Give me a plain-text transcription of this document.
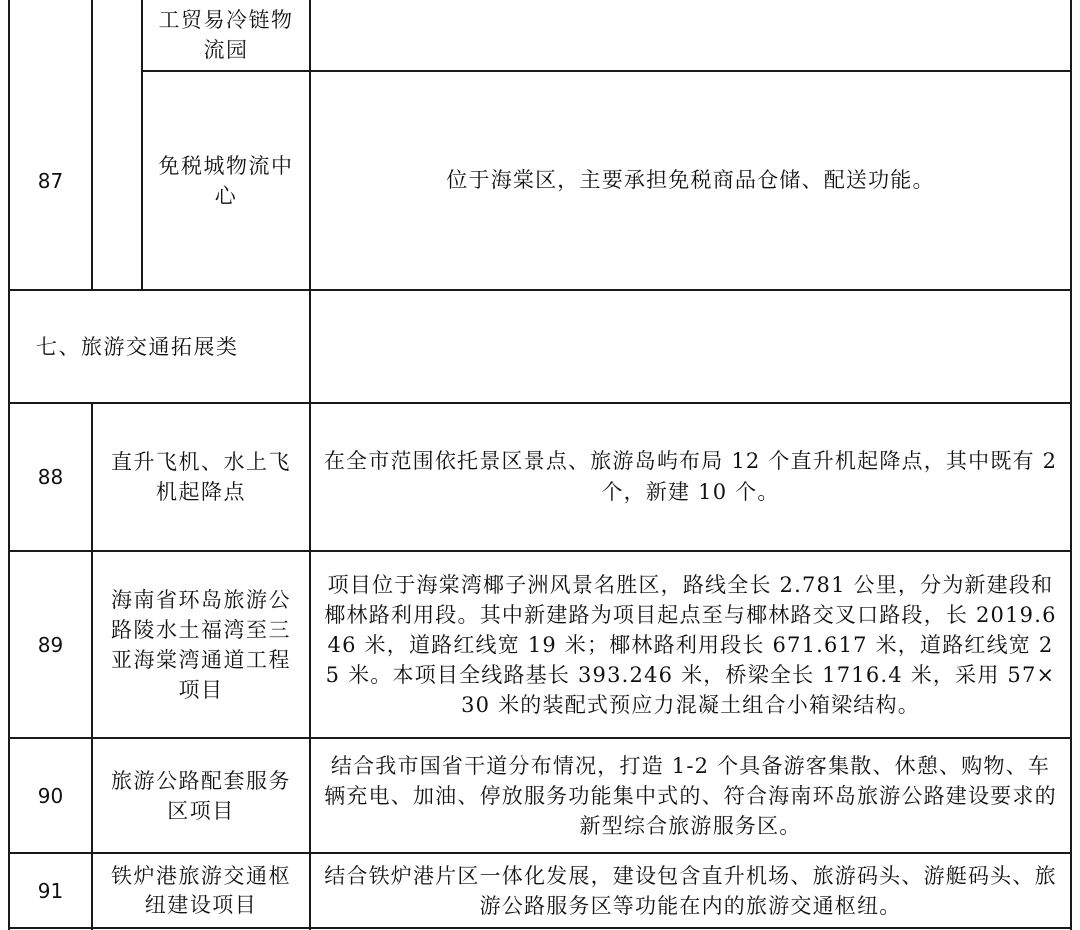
工贸易冷链物流园
87
免税城物流中心
位于海棠区，主要承担免税商品仓储、配送功能。
七、旅游交通拓展类
88
直升飞机、水上飞机起降点
在全市范围依托景区景点、旅游岛屿布局 12 个直升机起降点，其中既有 2 个，新建 10 个。
89
海南省环岛旅游公路陵水土福湾至三亚海棠湾通道工程项目
项目位于海棠湾椰子洲风景名胜区，路线全长 2.781 公里，分为新建段和椰林路利用段。其中新建路为项目起点至与椰林路交叉口路段，长 2019.646 米，道路红线宽 19 米；椰林路利用段长 671.617 米，道路红线宽 25 米。本项目全线路基长 393.246 米，桥梁全长 1716.4 米，采用 57×30 米的装配式预应力混凝土组合小箱梁结构。
90
旅游公路配套服务区项目
结合我市国省干道分布情况，打造 1-2 个具备游客集散、休憩、购物、车辆充电、加油、停放服务功能集中式的、符合海南环岛旅游公路建设要求的新型综合旅游服务区。
91
铁炉港旅游交通枢纽建设项目
结合铁炉港片区一体化发展，建设包含直升机场、旅游码头、游艇码头、旅游公路服务区等功能在内的旅游交通枢纽。
